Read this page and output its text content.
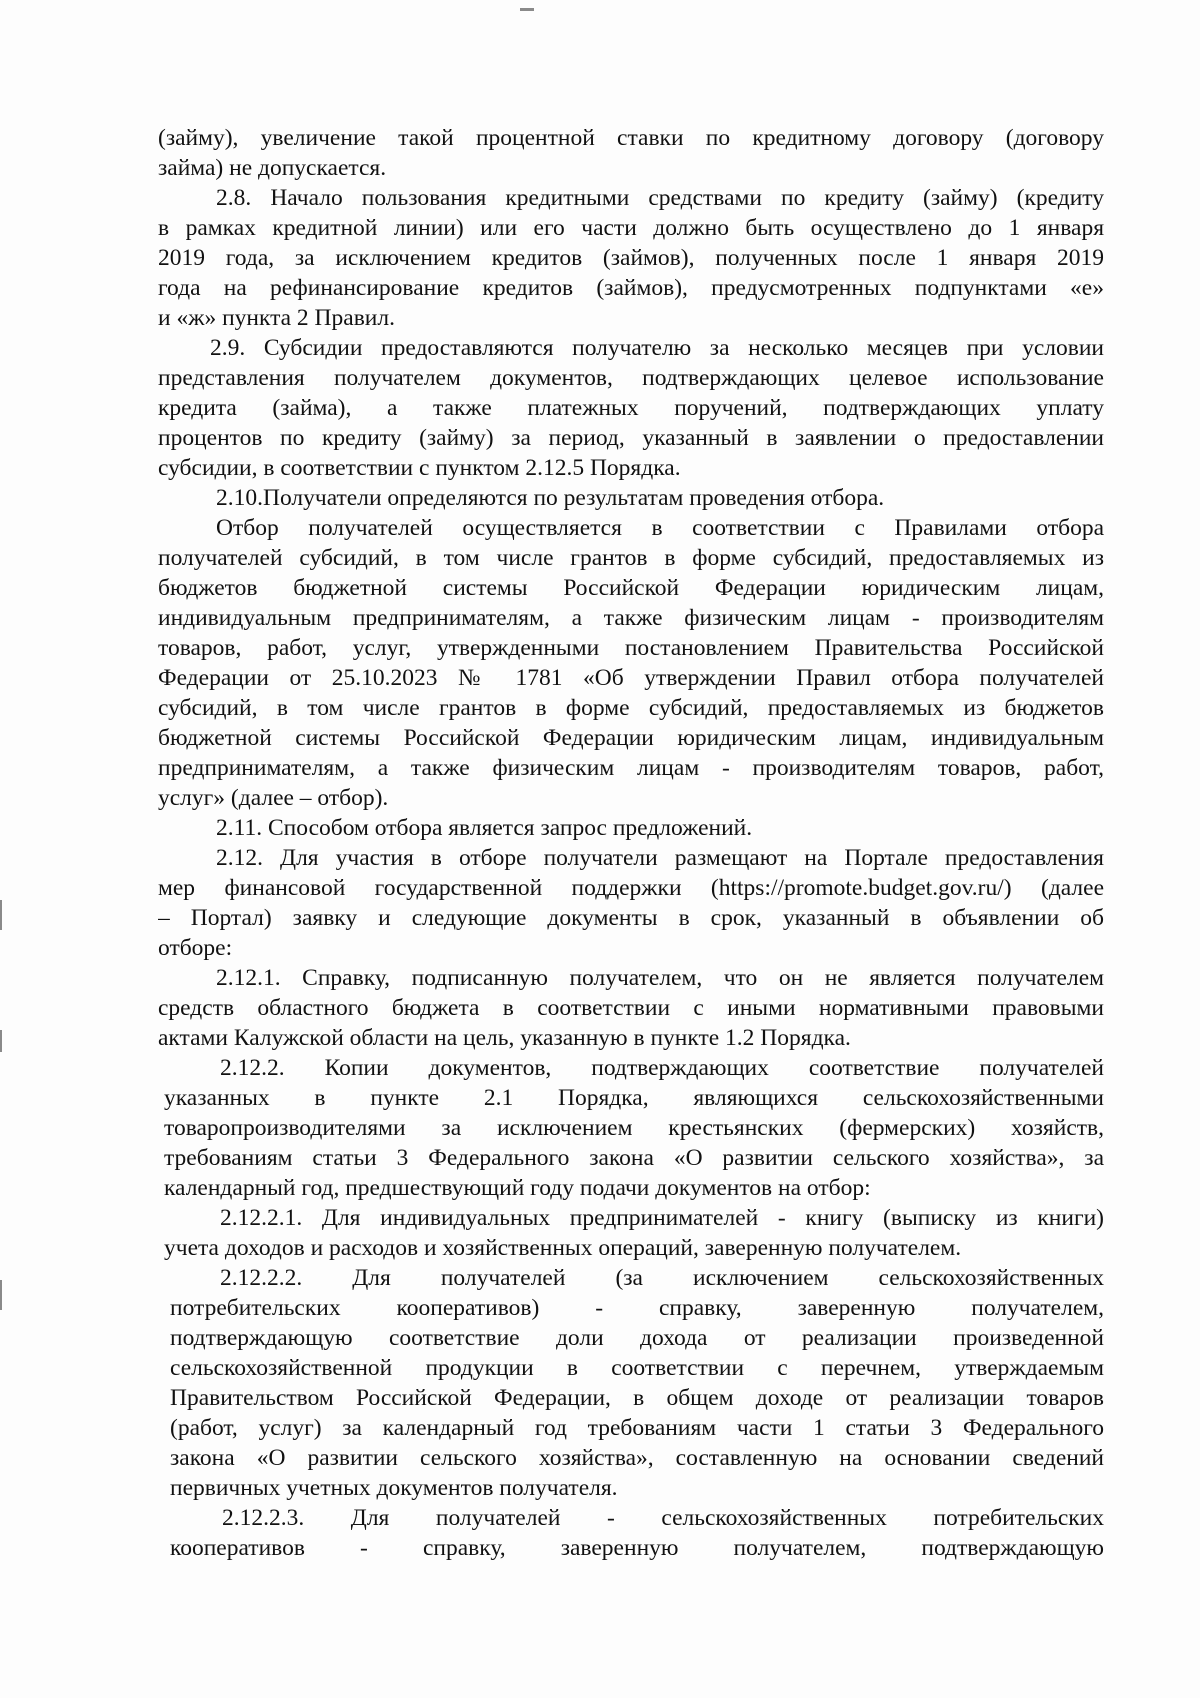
(займу), увеличение такой процентной ставки по кредитному договору (договору
займа) не допускается.
2.8. Начало пользования кредитными средствами по кредиту (займу) (кредиту
в рамках кредитной линии) или его части должно быть осуществлено до 1 января
2019 года, за исключением кредитов (займов), полученных после 1 января 2019
года на рефинансирование кредитов (займов), предусмотренных подпунктами «е»
и «ж» пункта 2 Правил.
2.9. Субсидии предоставляются получателю за несколько месяцев при условии
представления получателем документов, подтверждающих целевое использование
кредита (займа), а также платежных поручений, подтверждающих уплату
процентов по кредиту (займу) за период, указанный в заявлении о предоставлении
субсидии, в соответствии с пунктом 2.12.5 Порядка.
2.10.Получатели определяются по результатам проведения отбора.
Отбор получателей осуществляется в соответствии с Правилами отбора
получателей субсидий, в том числе грантов в форме субсидий, предоставляемых из
бюджетов бюджетной системы Российской Федерации юридическим лицам,
индивидуальным предпринимателям, а также физическим лицам - производителям
товаров, работ, услуг, утвержденными постановлением Правительства Российской
Федерации от 25.10.2023 № 1781 «Об утверждении Правил отбора получателей
субсидий, в том числе грантов в форме субсидий, предоставляемых из бюджетов
бюджетной системы Российской Федерации юридическим лицам, индивидуальным
предпринимателям, а также физическим лицам - производителям товаров, работ,
услуг» (далее – отбор).
2.11. Способом отбора является запрос предложений.
2.12. Для участия в отборе получатели размещают на Портале предоставления
мер финансовой государственной поддержки (https://promote.budget.gov.ru/) (далее
– Портал) заявку и следующие документы в срок, указанный в объявлении об
отборе:
2.12.1. Справку, подписанную получателем, что он не является получателем
средств областного бюджета в соответствии с иными нормативными правовыми
актами Калужской области на цель, указанную в пункте 1.2 Порядка.
2.12.2. Копии документов, подтверждающих соответствие получателей
указанных в пункте 2.1 Порядка, являющихся сельскохозяйственными
товаропроизводителями за исключением крестьянских (фермерских) хозяйств,
требованиям статьи 3 Федерального закона «О развитии сельского хозяйства», за
календарный год, предшествующий году подачи документов на отбор:
2.12.2.1. Для индивидуальных предпринимателей - книгу (выписку из книги)
учета доходов и расходов и хозяйственных операций, заверенную получателем.
2.12.2.2. Для получателей (за исключением сельскохозяйственных
потребительских кооперативов) - справку, заверенную получателем,
подтверждающую соответствие доли дохода от реализации произведенной
сельскохозяйственной продукции в соответствии с перечнем, утверждаемым
Правительством Российской Федерации, в общем доходе от реализации товаров
(работ, услуг) за календарный год требованиям части 1 статьи 3 Федерального
закона «О развитии сельского хозяйства», составленную на основании сведений
первичных учетных документов получателя.
2.12.2.3. Для получателей - сельскохозяйственных потребительских
кооперативов - справку, заверенную получателем, подтверждающую
